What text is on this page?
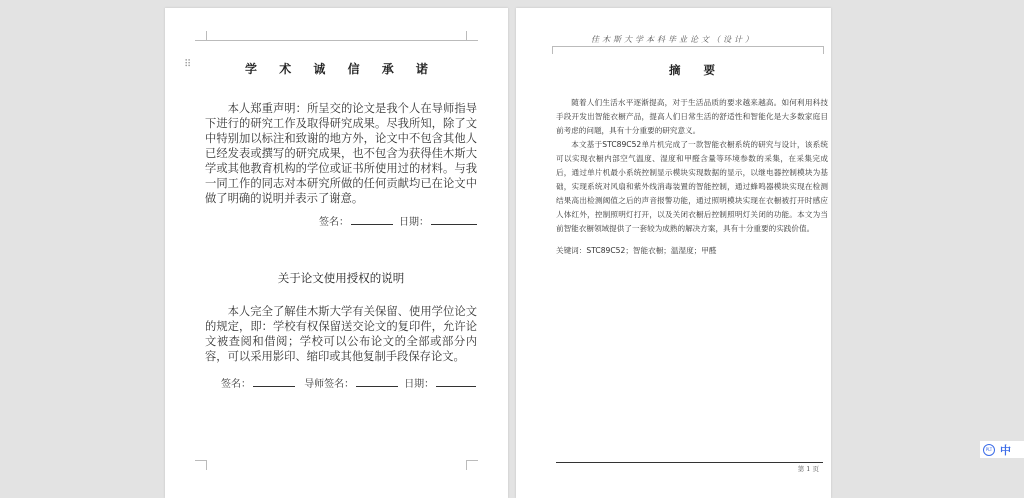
学 术 诚 信 承 诺
本人郑重声明：所呈交的论文是我个人在导师指导下进行的研究工作及取得研究成果。尽我所知，除了文中特别加以标注和致谢的地方外，论文中不包含其他人已经发表或撰写的研究成果，也不包含为获得佳木斯大学或其他教育机构的学位或证书所使用过的材料。与我一同工作的同志对本研究所做的任何贡献均已在论文中做了明确的说明并表示了谢意。
签名：	日期：
关于论文使用授权的说明
本人完全了解佳木斯大学有关保留、使用学位论文的规定，即：学校有权保留送交论文的复印件，允许论文被查阅和借阅；学校可以公布论文的全部或部分内容，可以采用影印、缩印或其他复制手段保存论文。
签名：	导师签名：	日期：
⠿
佳木斯大学本科毕业论文（设计）
摘　　要
随着人们生活水平逐渐提高，对于生活品质的要求越来越高。如何利用科技手段开发出智能衣橱产品，提高人们日常生活的舒适性和智能化是大多数家庭目前考虑的问题，具有十分重要的研究意义。
本文基于STC89C52单片机完成了一款智能衣橱系统的研究与设计，该系统可以实现衣橱内部空气温度、湿度和甲醛含量等环境参数的采集，在采集完成后，通过单片机最小系统控制显示模块实现数据的显示，以继电器控制模块为基础，实现系统对风扇和紫外线消毒装置的智能控制，通过蜂鸣器模块实现在检测结果高出检测阈值之后的声音报警功能，通过照明模块实现在衣橱被打开时感应人体红外，控制照明灯打开，以及关闭衣橱后控制照明灯关闭的功能。本文为当前智能衣橱领域提供了一套较为成熟的解决方案，具有十分重要的实践价值。
关键词：STC89C52；智能衣橱；温湿度；甲醛
第 1 页
PLT 中
